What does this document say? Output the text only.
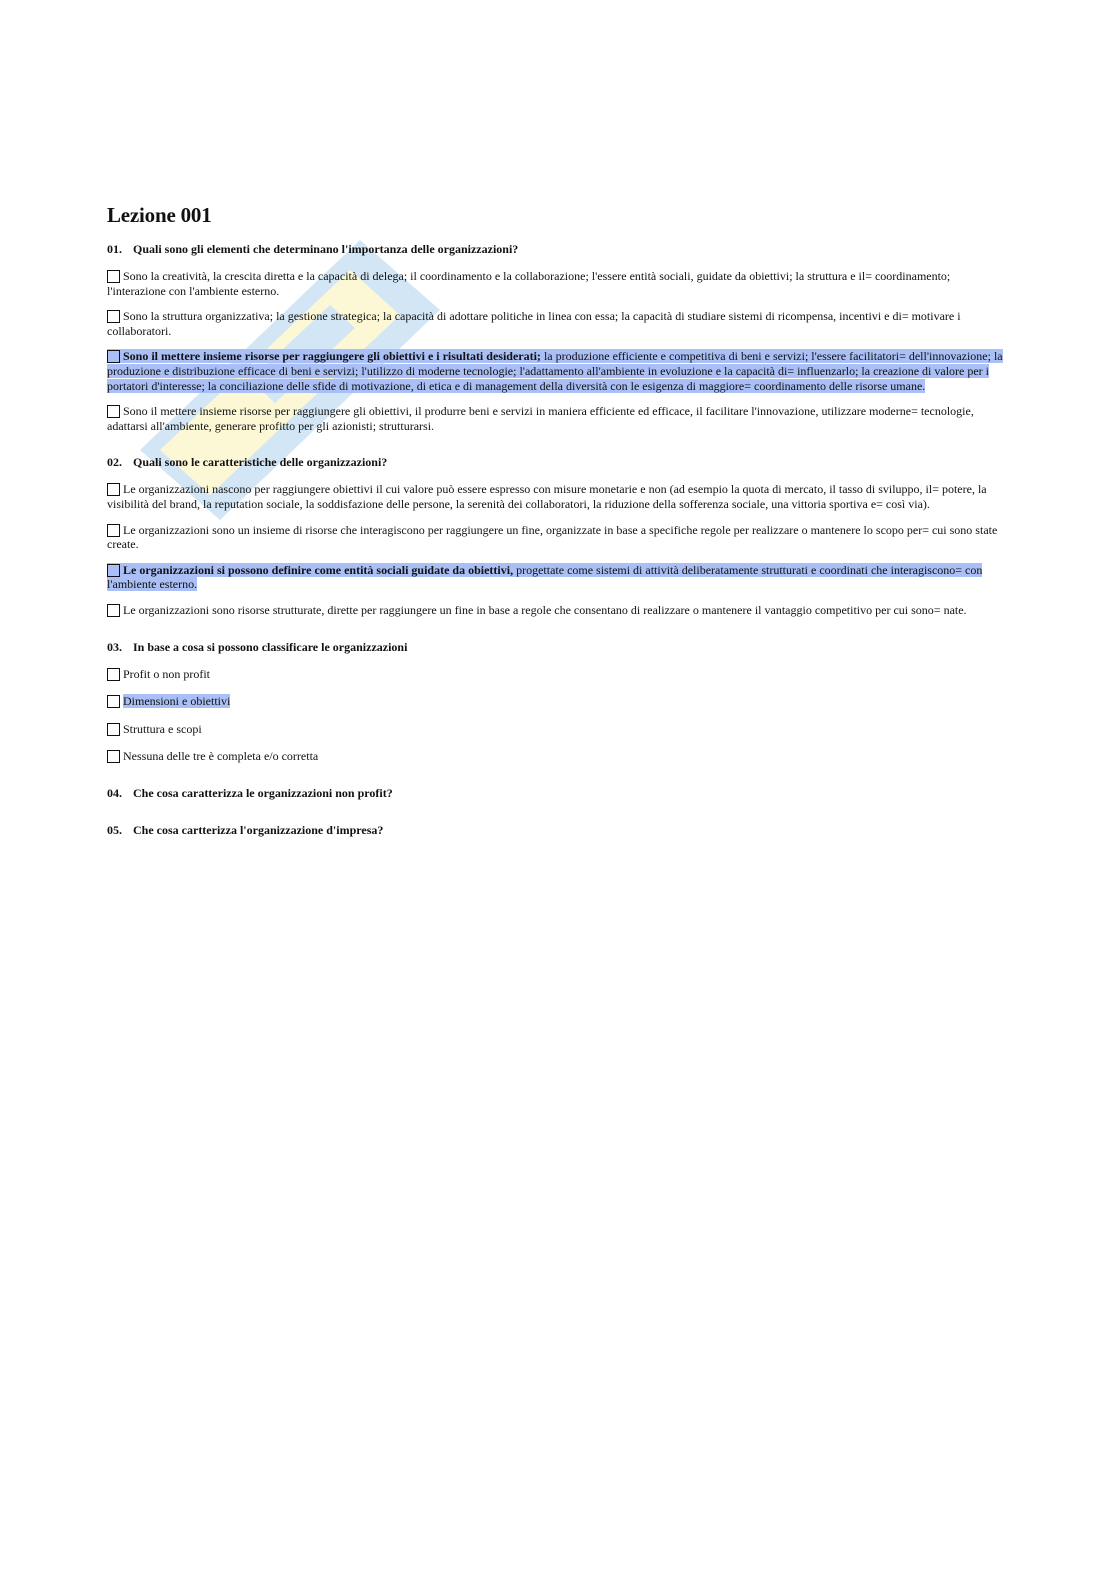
Lezione 001
01. Quali sono gli elementi che determinano l'importanza delle organizzazioni?
Sono la creatività, la crescita diretta e la capacità di delega; il coordinamento e la collaborazione; l'essere entità sociali, guidate da obiettivi; la struttura e il= coordinamento; l'interazione con l'ambiente esterno.
Sono la struttura organizzativa; la gestione strategica; la capacità di adottare politiche in linea con essa; la capacità di studiare sistemi di ricompensa, incentivi e di= motivare i collaboratori.
Sono il mettere insieme risorse per raggiungere gli obiettivi e i risultati desiderati; la produzione efficiente e competitiva di beni e servizi; l'essere facilitatori= dell'innovazione; la produzione e distribuzione efficace di beni e servizi; l'utilizzo di moderne tecnologie; l'adattamento all'ambiente in evoluzione e la capacità di= influenzarlo; la creazione di valore per i portatori d'interesse; la conciliazione delle sfide di motivazione, di etica e di management della diversità con le esigenza di maggiore= coordinamento delle risorse umane.
Sono il mettere insieme risorse per raggiungere gli obiettivi, il produrre beni e servizi in maniera efficiente ed efficace, il facilitare l'innovazione, utilizzare moderne= tecnologie, adattarsi all'ambiente, generare profitto per gli azionisti; strutturarsi.
02. Quali sono le caratteristiche delle organizzazioni?
Le organizzazioni nascono per raggiungere obiettivi il cui valore può essere espresso con misure monetarie e non (ad esempio la quota di mercato, il tasso di sviluppo, il= potere, la visibilità del brand, la reputation sociale, la soddisfazione delle persone, la serenità dei collaboratori, la riduzione della sofferenza sociale, una vittoria sportiva e= così via).
Le organizzazioni sono un insieme di risorse che interagiscono per raggiungere un fine, organizzate in base a specifiche regole per realizzare o mantenere lo scopo per= cui sono state create.
Le organizzazioni si possono definire come entità sociali guidate da obiettivi, progettate come sistemi di attività deliberatamente strutturati e coordinati che interagiscono= con l'ambiente esterno.
Le organizzazioni sono risorse strutturate, dirette per raggiungere un fine in base a regole che consentano di realizzare o mantenere il vantaggio competitivo per cui sono= nate.
03. In base a cosa si possono classificare le organizzazioni
Profit o non profit
Dimensioni e obiettivi
Struttura e scopi
Nessuna delle tre è completa e/o corretta
04. Che cosa caratterizza le organizzazioni non profit?
05. Che cosa cartterizza l'organizzazione d'impresa?
